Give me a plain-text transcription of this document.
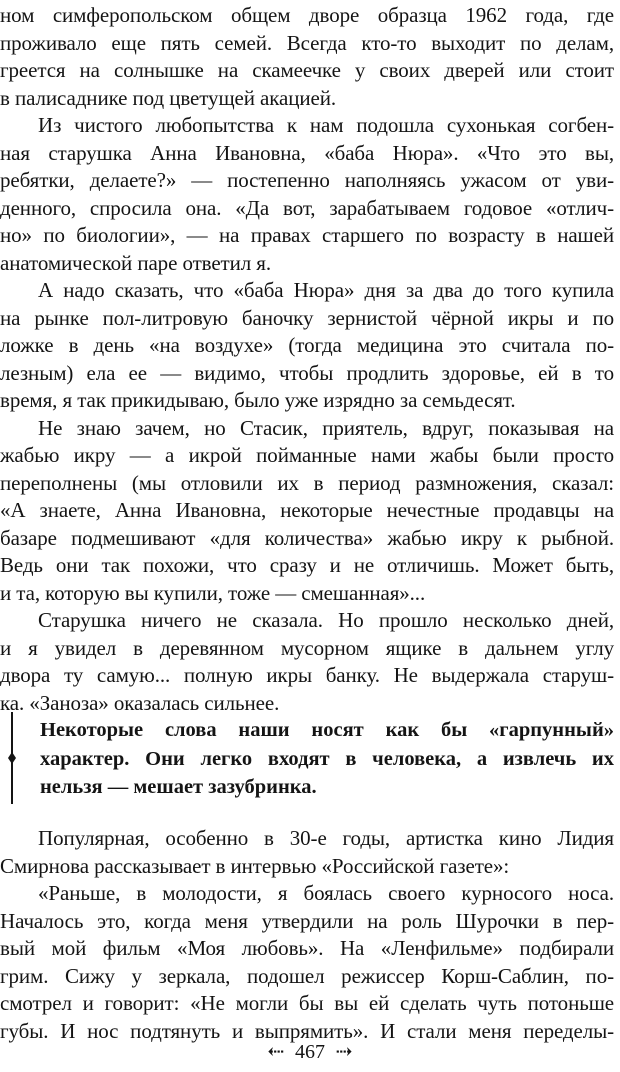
ном симферопольском общем дворе образца 1962 года, где
проживало еще пять семей. Всегда кто-то выходит по делам,
греется на солнышке на скамеечке у своих дверей или стоит
в палисаднике под цветущей акацией.
Из чистого любопытства к нам подошла сухонькая согбен-
ная старушка Анна Ивановна, «баба Нюра». «Что это вы,
ребятки, делаете?» — постепенно наполняясь ужасом от уви-
денного, спросила она. «Да вот, зарабатываем годовое «отлич-
но» по биологии», — на правах старшего по возрасту в нашей
анатомической паре ответил я.
А надо сказать, что «баба Нюра» дня за два до того купила
на рынке пол-литровую баночку зернистой чёрной икры и по
ложке в день «на воздухе» (тогда медицина это считала по-
лезным) ела ее — видимо, чтобы продлить здоровье, ей в то
время, я так прикидываю, было уже изрядно за семьдесят.
Не знаю зачем, но Стасик, приятель, вдруг, показывая на
жабью икру — а икрой пойманные нами жабы были просто
переполнены (мы отловили их в период размножения, сказал:
«А знаете, Анна Ивановна, некоторые нечестные продавцы на
базаре подмешивают «для количества» жабью икру к рыбной.
Ведь они так похожи, что сразу и не отличишь. Может быть,
и та, которую вы купили, тоже — смешанная»...
Старушка ничего не сказала. Но прошло несколько дней,
и я увидел в деревянном мусорном ящике в дальнем углу
двора ту самую... полную икры банку. Не выдержала старуш-
ка. «Заноза» оказалась сильнее.
Некоторые слова наши носят как бы «гарпунный»
характер. Они легко входят в человека, а извлечь их
нельзя — мешает зазубринка.
Популярная, особенно в 30-е годы, артистка кино Лидия
Смирнова рассказывает в интервью «Российской газете»:
«Раньше, в молодости, я боялась своего курносого носа.
Началось это, когда меня утвердили на роль Шурочки в пер-
вый мой фильм «Моя любовь». На «Ленфильме» подбирали
грим. Сижу у зеркала, подошел режиссер Корш-Саблин, по-
смотрел и говорит: «Не могли бы вы ей сделать чуть потоньше
губы. И нос подтянуть и выпрямить». И стали меня переделы-
⇠ 467 ⇢
